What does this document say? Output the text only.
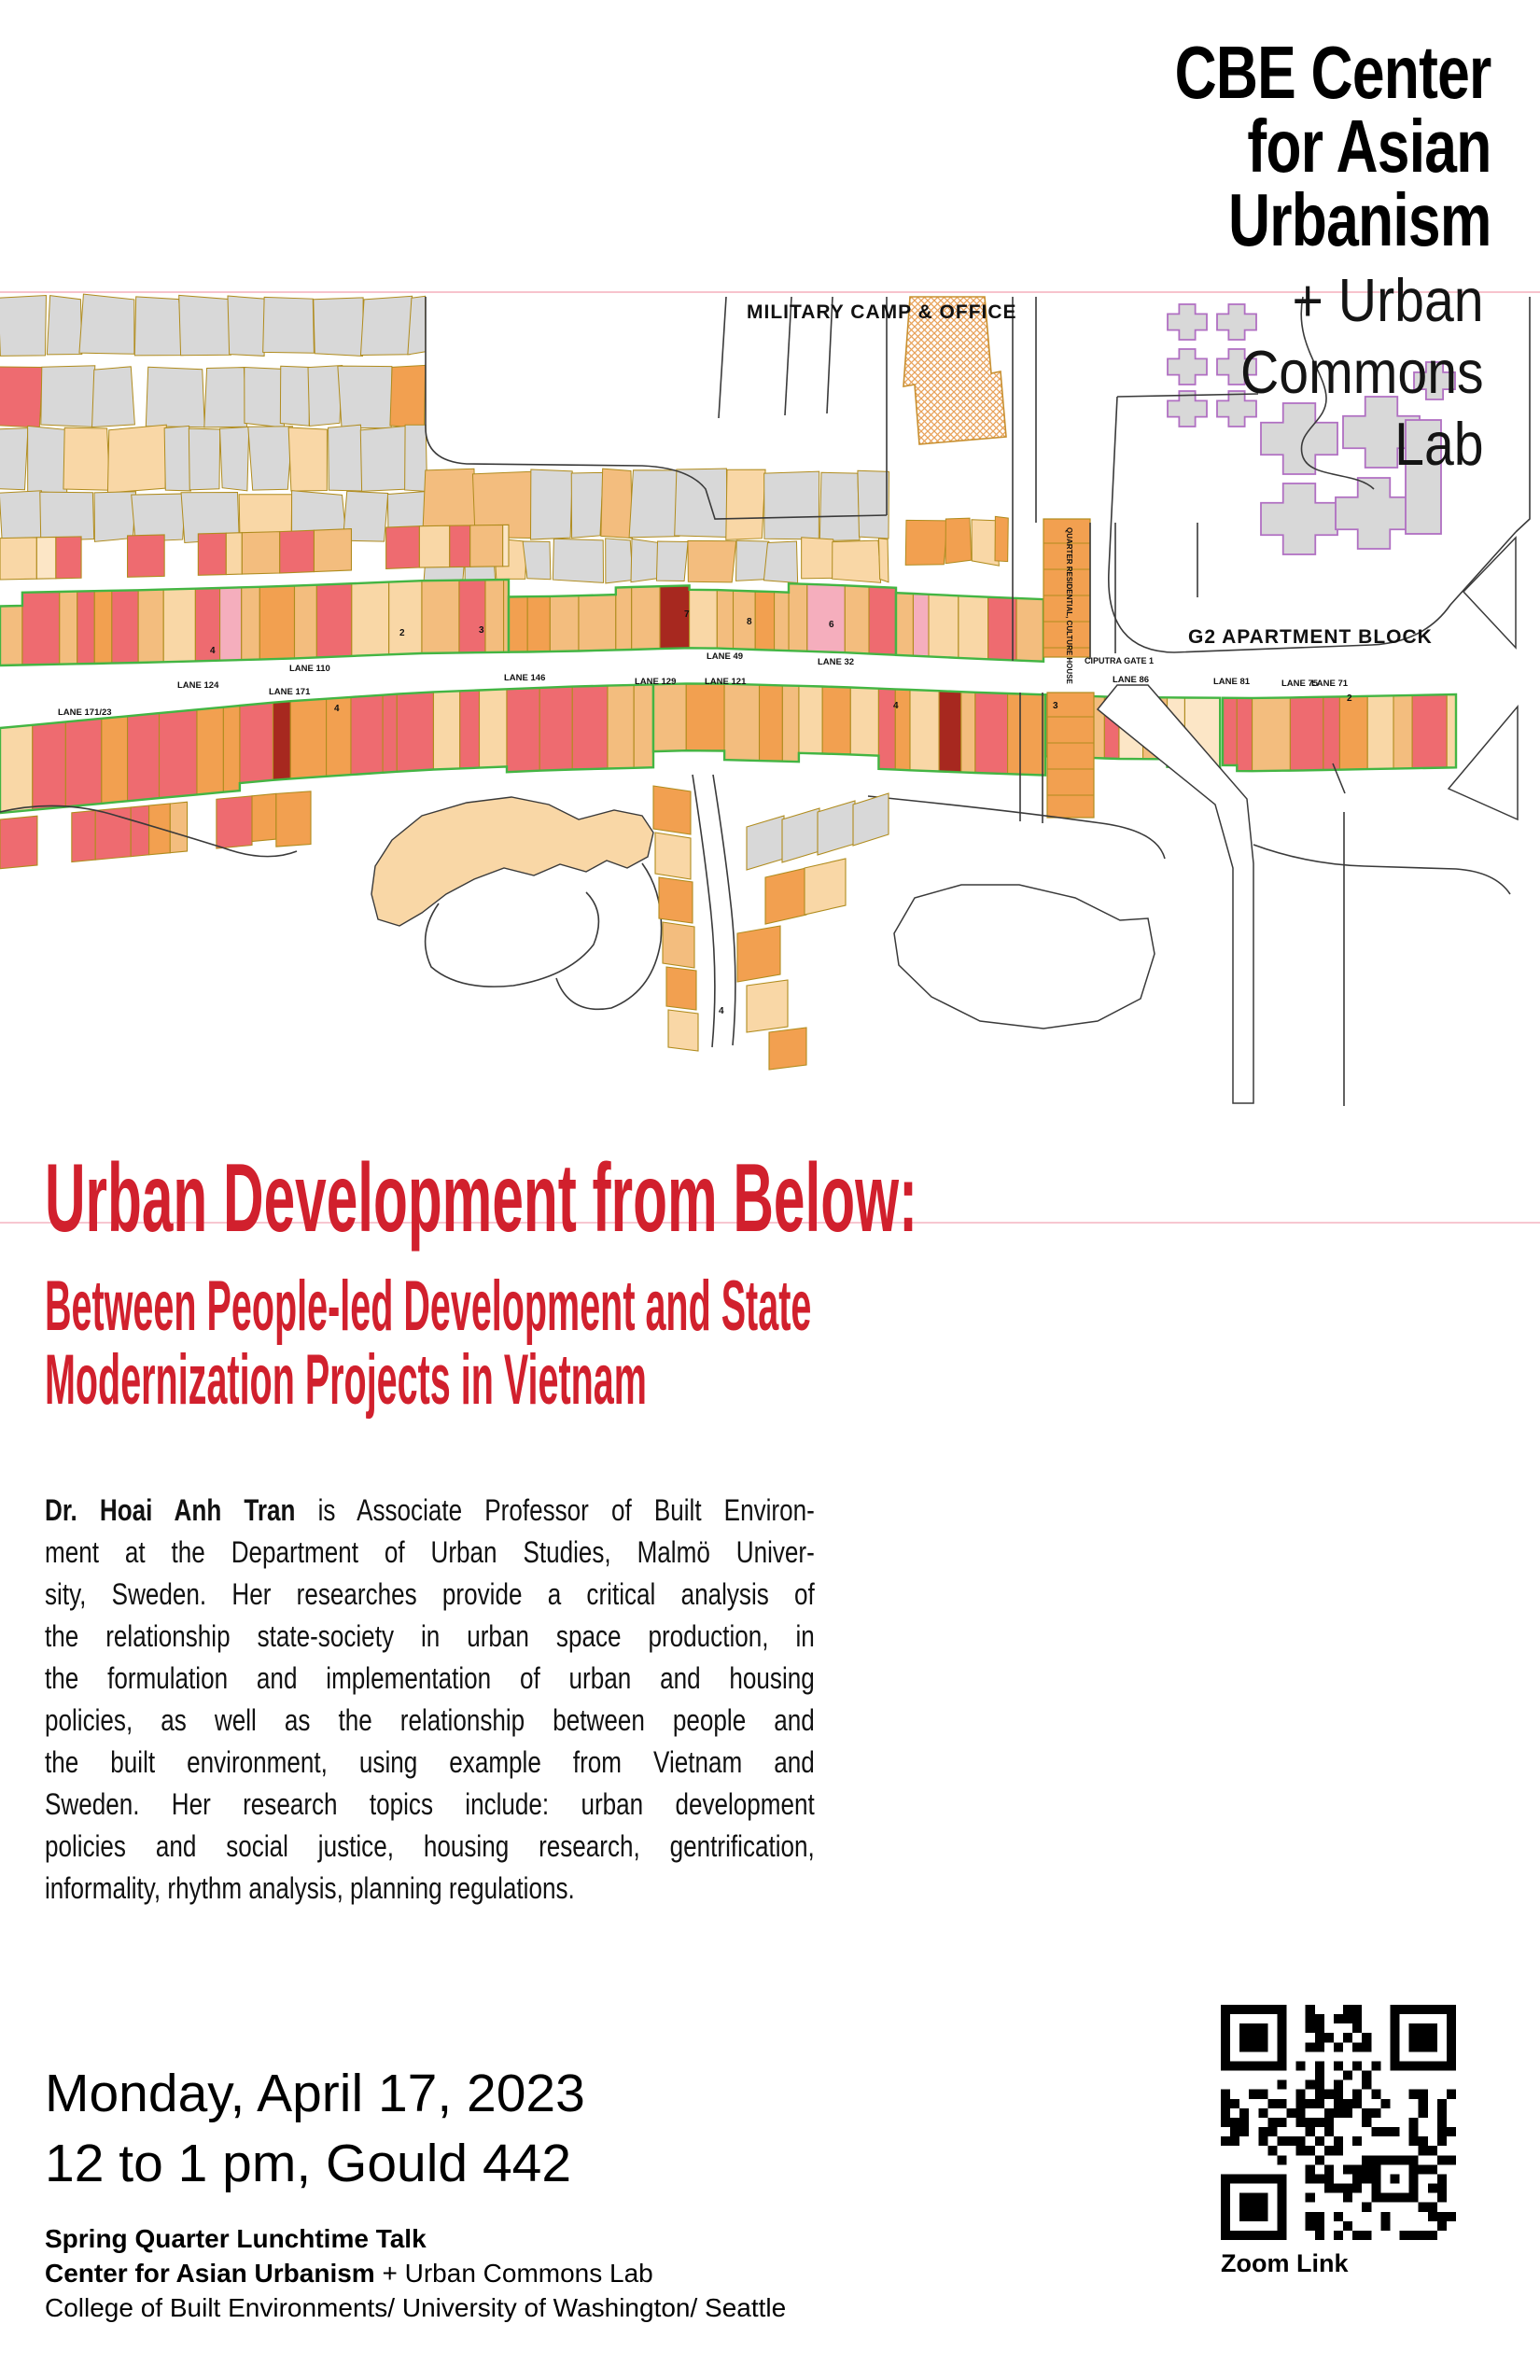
MILITARY CAMP & OFFICE
G2 APARTMENT BLOCK
CIPUTRA GATE 1
QUARTER RESIDENTIAL, CULTURE HOUSE
LANE 124
LANE 110
LANE 49
LANE 32
LANE 171/23
LANE 171
LANE 146	LANE 129	LANE 121	LANE 86	LANE 81	LANE 75
LANE 71
4
4
2	3
7
8	6
4	3
2
4
CBE Center
for Asian
Urbanism
+ Urban
Commons
Lab
Urban Development from Below:
Between People-led Development and State
Modernization Projects in Vietnam
Dr. Hoai Anh Tran is Associate Professor of Built Environ-
ment at the Department of Urban Studies, Malmö Univer-
sity, Sweden. Her researches provide a critical analysis of
the relationship state-society in urban space production, in
the formulation and implementation of urban and housing
policies, as well as the relationship between people and
the built environment, using example from Vietnam and
Sweden. Her research topics include: urban development
policies and social justice, housing research, gentrification,
informality, rhythm analysis, planning regulations.
Monday, April 17, 2023
12 to 1 pm, Gould 442
Spring Quarter Lunchtime Talk
Center for Asian Urbanism + Urban Commons Lab
College of Built Environments/ University of Washington/ Seattle
Zoom Link
